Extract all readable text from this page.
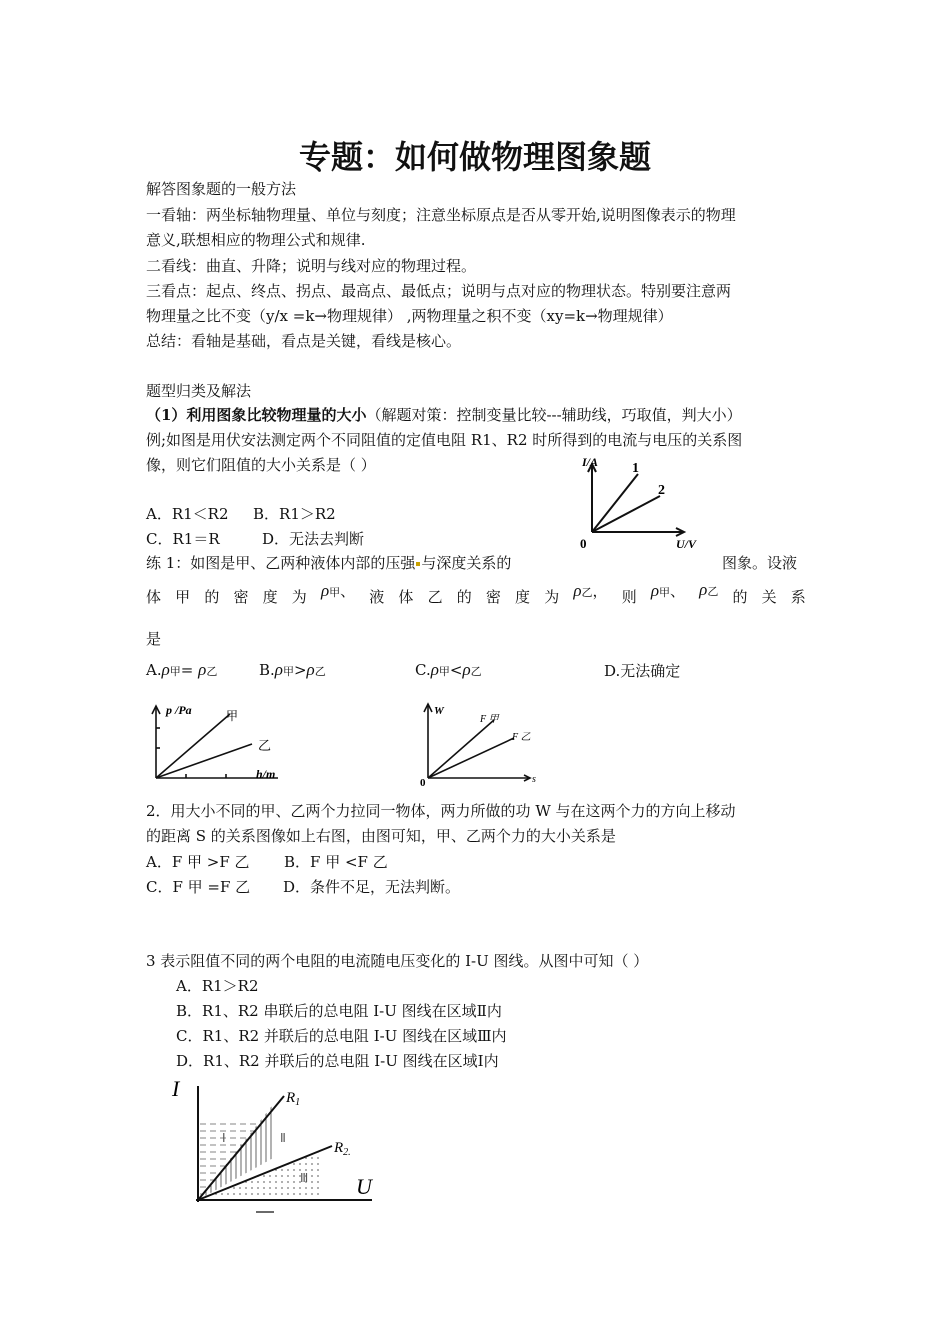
专题：如何做物理图象题
解答图象题的一般方法
一看轴：两坐标轴物理量、单位与刻度；注意坐标原点是否从零开始,说明图像表示的物理
意义,联想相应的物理公式和规律.
二看线：曲直、升降；说明与线对应的物理过程。
三看点：起点、终点、拐点、最高点、最低点；说明与点对应的物理状态。特别要注意两
物理量之比不变（y/x =k→物理规律） ,两物理量之积不变（xy=k→物理规律）
总结：看轴是基础，看点是关键，看线是核心。
题型归类及解法
（1）利用图象比较物理量的大小（解题对策：控制变量比较---辅助线，巧取值，判大小）
例;如图是用伏安法测定两个不同阻值的定值电阻 R1、R2 时所得到的电流与电压的关系图
像，则它们阻值的大小关系是（ ）
A．R1＜R2 B．R1＞R2
C．R1＝R	D．无法去判断
I/A
U/V
0
1
2
练 1：如图是甲、乙两种液体内部的压强 与深度关系的	图象。设液
体 甲 的 密 度 为 ρ甲、 液 体 乙 的 密 度 为 ρ乙， 则 ρ甲、 ρ乙 的 关 系
是
A.ρ甲= ρ乙	B.ρ甲>ρ乙	C.ρ甲<ρ乙	D.无法确定
p /Pa
h/m
甲
乙
W
s
0
F 甲
F 乙
2．用大小不同的甲、乙两个力拉同一物体，两力所做的功 W 与在这两个力的方向上移动
的距离 S 的关系图像如上右图，由图可知，甲、乙两个力的大小关系是
A．F 甲 >F 乙 B．F 甲 <F 乙
C．F 甲 =F 乙 D．条件不足，无法判断。
3 表示阻值不同的两个电阻的电流随电压变化的 I-U 图线。从图中可知（ ）
A．R1＞R2
B．R1、R2 串联后的总电阻 I-U 图线在区域Ⅱ内
C．R1、R2 并联后的总电阻 I-U 图线在区域Ⅲ内
D．R1、R2 并联后的总电阻 I-U 图线在区域Ⅰ内
I
U
$R_1$
$R_{2.}$
Ⅰ	Ⅱ
Ⅲ
